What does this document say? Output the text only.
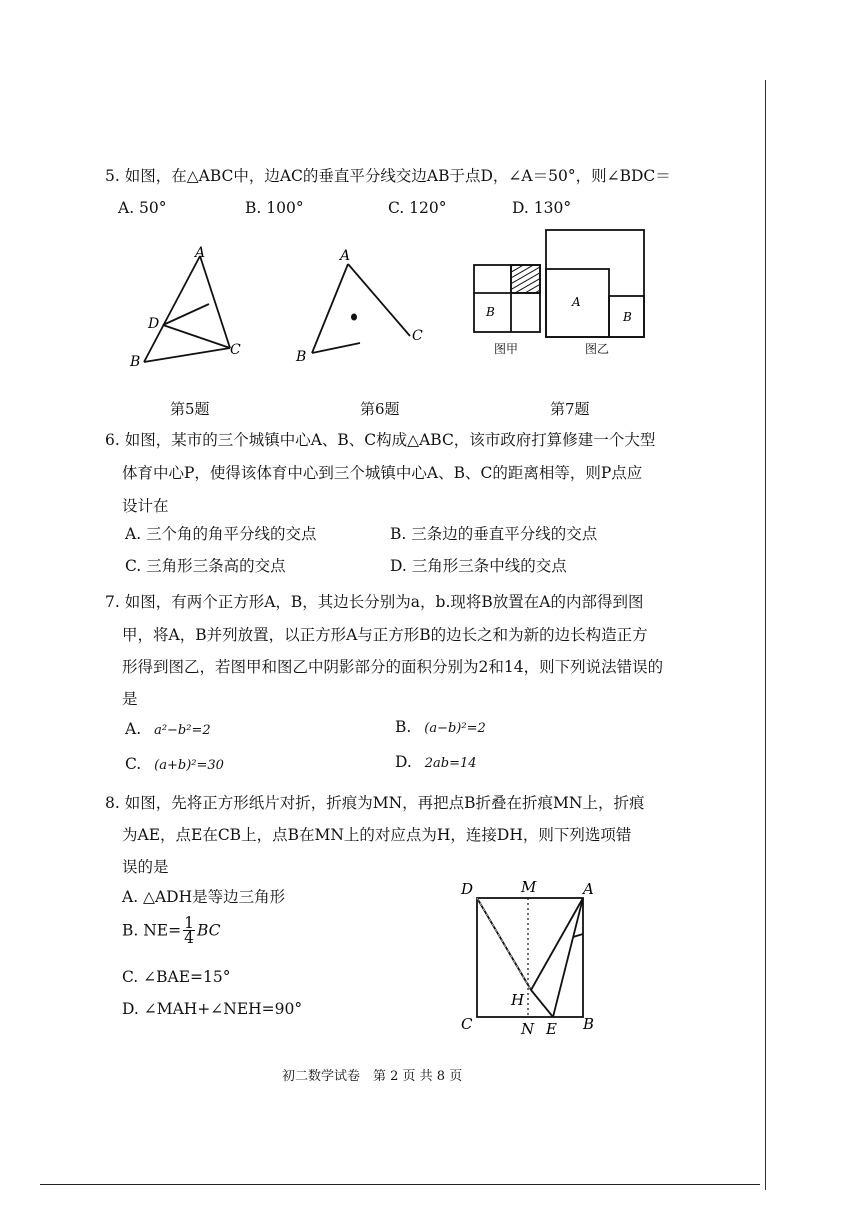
5. 如图，在△ABC中，边AC的垂直平分线交边AB于点D，∠A＝50°，则∠BDC＝
A. 50°	B. 100°	C. 120°	D. 130°
A
D
B
C
A
B
C
B
A
B
图甲	图乙
第5题	第6题	第7题
6. 如图，某市的三个城镇中心A、B、C构成△ABC，该市政府打算修建一个大型
体育中心P，使得该体育中心到三个城镇中心A、B、C的距离相等，则P点应
设计在
A. 三个角的角平分线的交点	B. 三条边的垂直平分线的交点
C. 三角形三条高的交点	D. 三角形三条中线的交点
7. 如图，有两个正方形A，B，其边长分别为a，b.现将B放置在A的内部得到图
甲，将A，B并列放置，以正方形A与正方形B的边长之和为新的边长构造正方
形得到图乙，若图甲和图乙中阴影部分的面积分别为2和14，则下列说法错误的
是
A. a²−b²=2	B. (a−b)²=2
C. (a+b)²=30	D. 2ab=14
8. 如图，先将正方形纸片对折，折痕为MN，再把点B折叠在折痕MN上，折痕
为AE，点E在CB上，点B在MN上的对应点为H，连接DH，则下列选项错
误的是
A. △ADH是等边三角形
B. $NE= \frac{1}{4}$ BC
C. ∠BAE=15°
D. ∠MAH+∠NEH=90°
D	M	A
H
C	N E B
初二数学试卷　第 2 页 共 8 页
